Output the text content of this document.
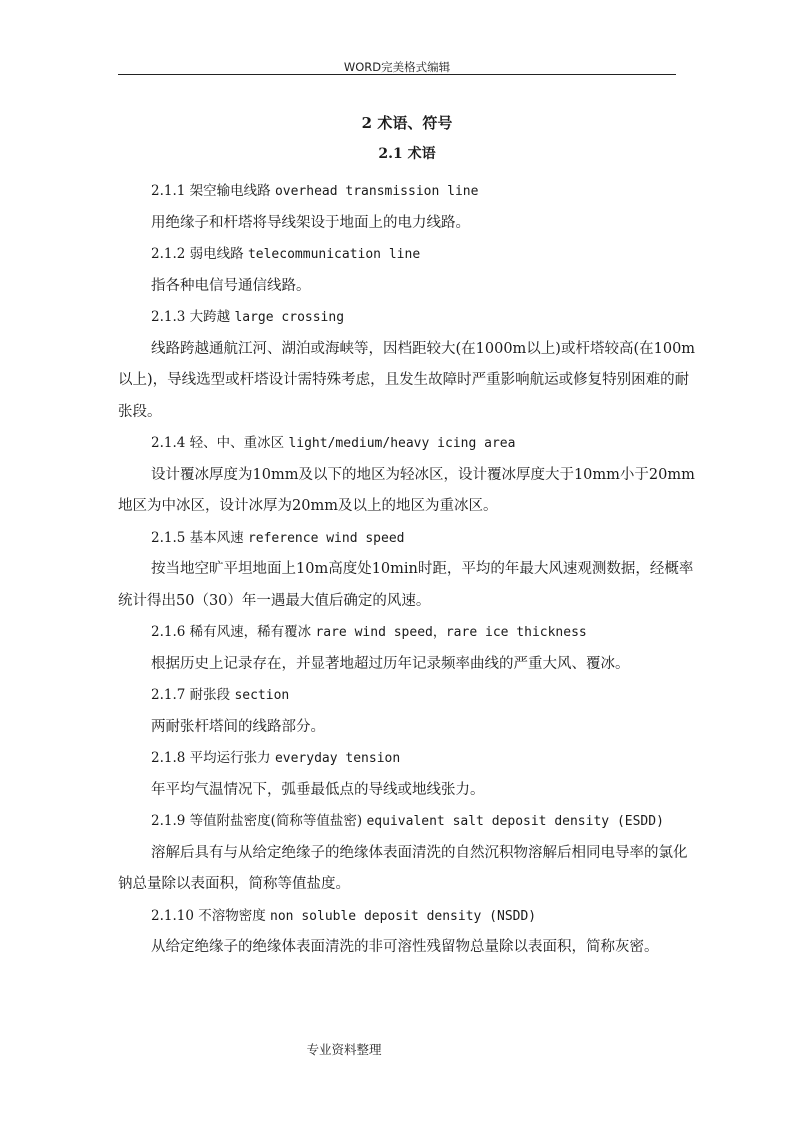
WORD完美格式编辑
2 术语、符号
2.1 术语

2.1.1 架空输电线路 overhead transmission line

用绝缘子和杆塔将导线架设于地面上的电力线路。

2.1.2 弱电线路 telecommunication line

指各种电信号通信线路。

2.1.3 大跨越 large crossing

线路跨越通航江河、湖泊或海峡等，因档距较大(在1000m以上)或杆塔较高(在100m以上)，导线选型或杆塔设计需特殊考虑，且发生故障时严重影响航运或修复特别困难的耐张段。

2.1.4 轻、中、重冰区 light/medium/heavy icing area

设计覆冰厚度为10mm及以下的地区为轻冰区，设计覆冰厚度大于10mm小于20mm地区为中冰区，设计冰厚为20mm及以上的地区为重冰区。

2.1.5 基本风速 reference wind speed

按当地空旷平坦地面上10m高度处10min时距，平均的年最大风速观测数据，经概率统计得出50（30）年一遇最大值后确定的风速。

2.1.6 稀有风速，稀有覆冰 rare wind speed，rare ice thickness

根据历史上记录存在，并显著地超过历年记录频率曲线的严重大风、覆冰。

2.1.7 耐张段 section

两耐张杆塔间的线路部分。

2.1.8 平均运行张力 everyday tension

年平均气温情况下，弧垂最低点的导线或地线张力。

2.1.9 等值附盐密度(简称等值盐密) equivalent salt deposit density (ESDD)

溶解后具有与从给定绝缘子的绝缘体表面清洗的自然沉积物溶解后相同电导率的氯化钠总量除以表面积，简称等值盐度。

2.1.10 不溶物密度 non soluble deposit density (NSDD)

从给定绝缘子的绝缘体表面清洗的非可溶性残留物总量除以表面积，简称灰密。

专业资料整理
